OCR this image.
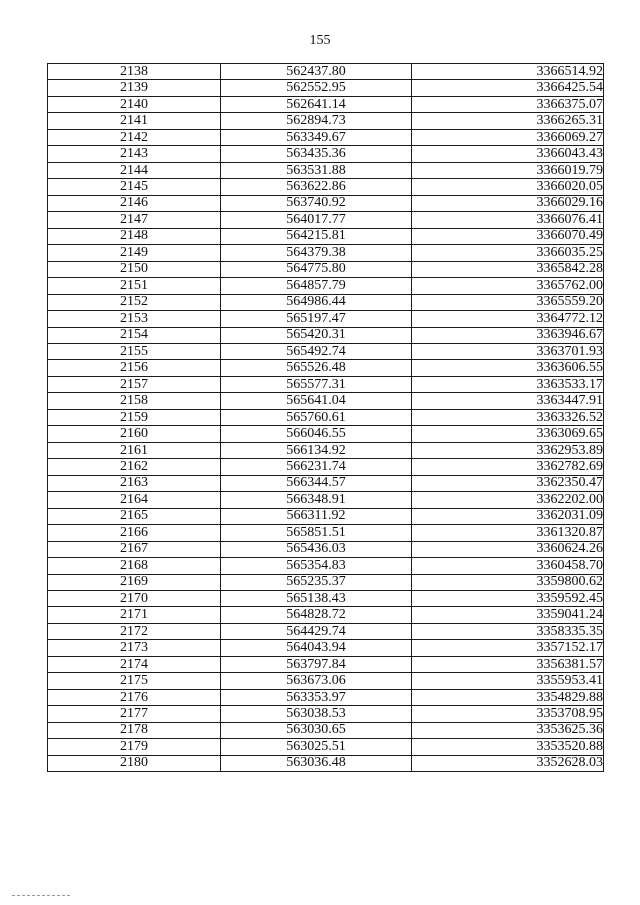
155
2138	562437.80	3366514.92
2139	562552.95	3366425.54
2140	562641.14	3366375.07
2141	562894.73	3366265.31
2142	563349.67	3366069.27
2143	563435.36	3366043.43
2144	563531.88	3366019.79
2145	563622.86	3366020.05
2146	563740.92	3366029.16
2147	564017.77	3366076.41
2148	564215.81	3366070.49
2149	564379.38	3366035.25
2150	564775.80	3365842.28
2151	564857.79	3365762.00
2152	564986.44	3365559.20
2153	565197.47	3364772.12
2154	565420.31	3363946.67
2155	565492.74	3363701.93
2156	565526.48	3363606.55
2157	565577.31	3363533.17
2158	565641.04	3363447.91
2159	565760.61	3363326.52
2160	566046.55	3363069.65
2161	566134.92	3362953.89
2162	566231.74	3362782.69
2163	566344.57	3362350.47
2164	566348.91	3362202.00
2165	566311.92	3362031.09
2166	565851.51	3361320.87
2167	565436.03	3360624.26
2168	565354.83	3360458.70
2169	565235.37	3359800.62
2170	565138.43	3359592.45
2171	564828.72	3359041.24
2172	564429.74	3358335.35
2173	564043.94	3357152.17
2174	563797.84	3356381.57
2175	563673.06	3355953.41
2176	563353.97	3354829.88
2177	563038.53	3353708.95
2178	563030.65	3353625.36
2179	563025.51	3353520.88
2180	563036.48	3352628.03
